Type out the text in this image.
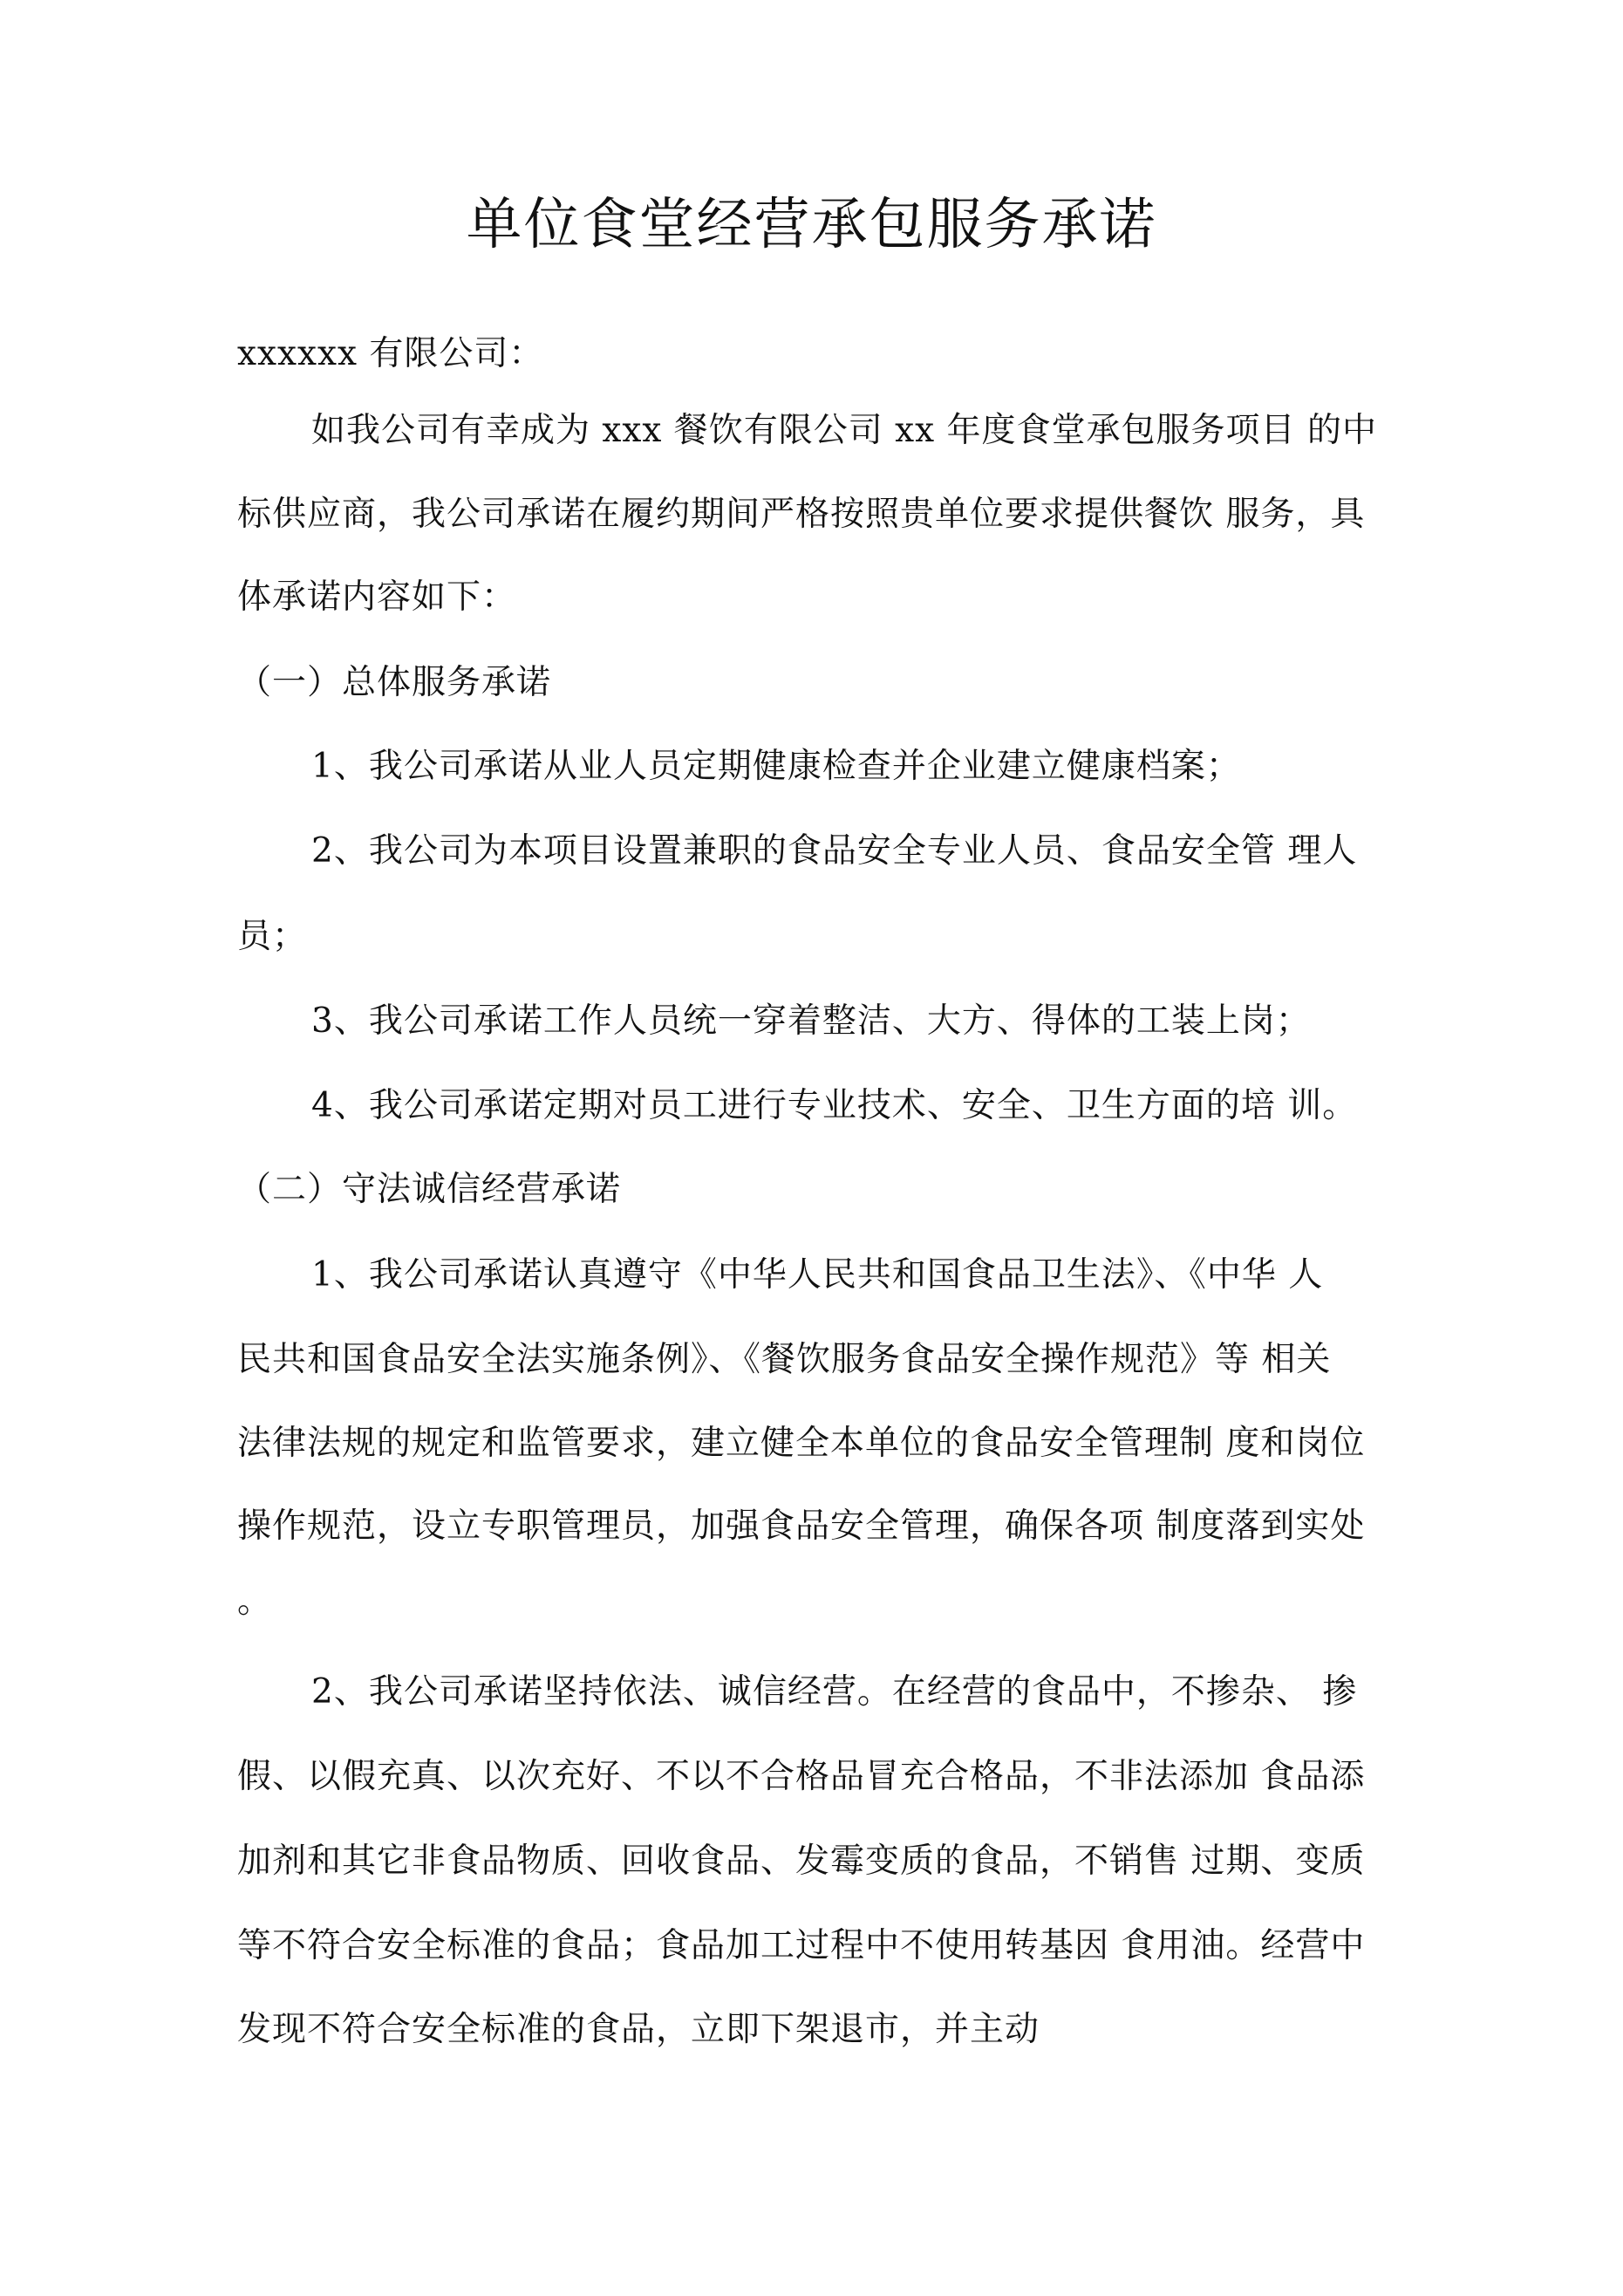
单位食堂经营承包服务承诺
xxxxxx 有限公司：
如我公司有幸成为 xxx 餐饮有限公司 xx 年度食堂承包服务项目 的中
标供应商，我公司承诺在履约期间严格按照贵单位要求提供餐饮 服务，具
体承诺内容如下：
（一）总体服务承诺
1、我公司承诺从业人员定期健康检查并企业建立健康档案；
2、我公司为本项目设置兼职的食品安全专业人员、食品安全管 理人
员；
3、我公司承诺工作人员统一穿着整洁、大方、得体的工装上岗；
4、我公司承诺定期对员工进行专业技术、安全、卫生方面的培 训。
（二）守法诚信经营承诺
1、我公司承诺认真遵守《中华人民共和国食品卫生法》、《中华 人
民共和国食品安全法实施条例》、《餐饮服务食品安全操作规范》等 相关
法律法规的规定和监管要求，建立健全本单位的食品安全管理制 度和岗位
操作规范，设立专职管理员，加强食品安全管理，确保各项 制度落到实处
。
2、我公司承诺坚持依法、诚信经营。在经营的食品中，不掺杂、 掺
假、以假充真、以次充好、不以不合格品冒充合格品，不非法添加 食品添
加剂和其它非食品物质、回收食品、发霉变质的食品，不销售 过期、变质
等不符合安全标准的食品；食品加工过程中不使用转基因 食用油。经营中
发现不符合安全标准的食品，立即下架退市，并主动
